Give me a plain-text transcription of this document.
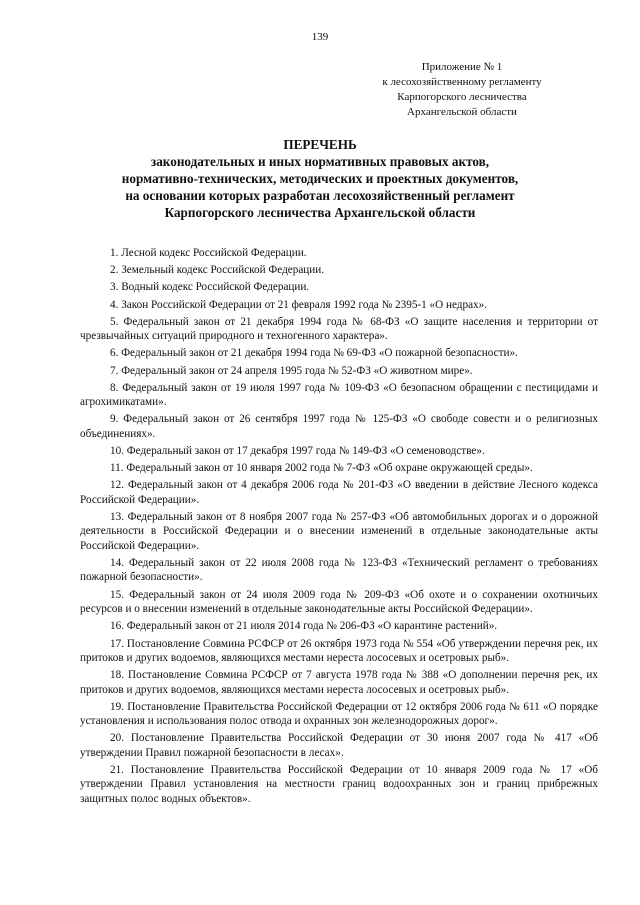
139
Приложение № 1
к лесохозяйственному регламенту
Карпогорского лесничества
Архангельской области
ПЕРЕЧЕНЬ
законодательных и иных нормативных правовых актов,
нормативно-технических, методических и проектных документов,
на основании которых разработан лесохозяйственный регламент
Карпогорского лесничества Архангельской области

1. Лесной кодекс Российской Федерации.

2. Земельный кодекс Российской Федерации.

3. Водный кодекс Российской Федерации.

4. Закон Российской Федерации от 21 февраля 1992 года № 2395-1 «О недрах».

5. Федеральный закон от 21 декабря 1994 года № 68-ФЗ «О защите населения и территории от чрезвычайных ситуаций природного и техногенного характера».

6. Федеральный закон от 21 декабря 1994 года № 69-ФЗ «О пожарной безопасности».

7. Федеральный закон от 24 апреля 1995 года № 52-ФЗ «О животном мире».

8. Федеральный закон от 19 июля 1997 года № 109-ФЗ «О безопасном обращении с пестицидами и агрохимикатами».

9. Федеральный закон от 26 сентября 1997 года № 125-ФЗ «О свободе совести и о религиозных объединениях».

10. Федеральный закон от 17 декабря 1997 года № 149-ФЗ «О семеноводстве».

11. Федеральный закон от 10 января 2002 года № 7-ФЗ «Об охране окружающей среды».

12. Федеральный закон от 4 декабря 2006 года № 201-ФЗ «О введении в действие Лесного кодекса Российской Федерации».

13. Федеральный закон от 8 ноября 2007 года № 257-ФЗ «Об автомобильных дорогах и о дорожной деятельности в Российской Федерации и о внесении изменений в отдельные законодательные акты Российской Федерации».

14. Федеральный закон от 22 июля 2008 года № 123-ФЗ «Технический регламент о требованиях пожарной безопасности».

15. Федеральный закон от 24 июля 2009 года № 209-ФЗ «Об охоте и о сохранении охотничьих ресурсов и о внесении изменений в отдельные законодательные акты Российской Федерации».

16. Федеральный закон от 21 июля 2014 года № 206-ФЗ «О карантине растений».

17. Постановление Совмина РСФСР от 26 октября 1973 года № 554 «Об утверждении перечня рек, их притоков и других водоемов, являющихся местами нереста лососевых и осетровых рыб».

18. Постановление Совмина РСФСР от 7 августа 1978 года № 388 «О дополнении перечня рек, их притоков и других водоемов, являющихся местами нереста лососевых и осетровых рыб».

19. Постановление Правительства Российской Федерации от 12 октября 2006 года № 611 «О порядке установления и использования полос отвода и охранных зон железнодорожных дорог».

20. Постановление Правительства Российской Федерации от 30 июня 2007 года № 417 «Об утверждении Правил пожарной безопасности в лесах».

21. Постановление Правительства Российской Федерации от 10 января 2009 года № 17 «Об утверждении Правил установления на местности границ водоохранных зон и границ прибрежных защитных полос водных объектов».
